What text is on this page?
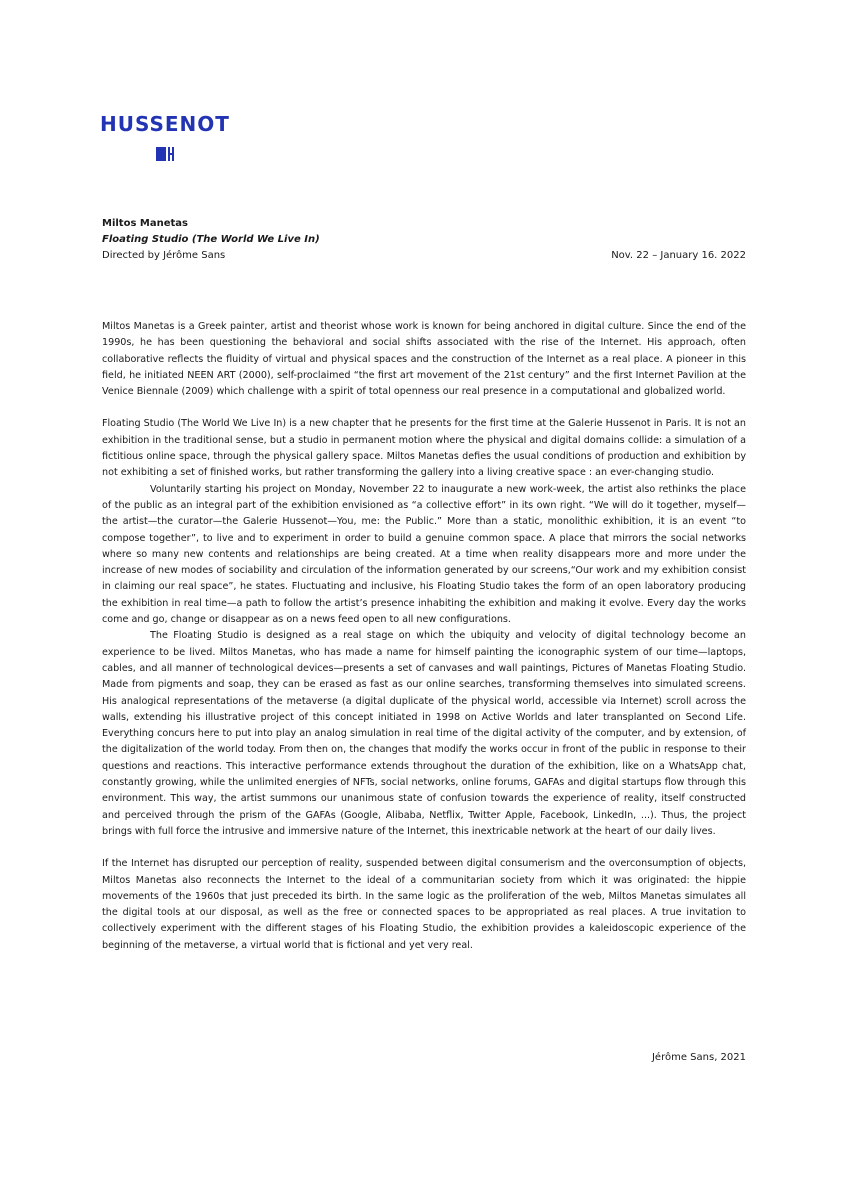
HUSSENOT

Miltos Manetas

Floating Studio (The World We Live In)

Directed by Jérôme Sans	Nov. 22 – January 16. 2022

Miltos Manetas is a Greek painter, artist and theorist whose work is known for being anchored in digital culture. Since the end of the 1990s, he has been questioning the behavioral and social shifts associated with the rise of the Internet. His approach, often collaborative reflects the fluidity of virtual and physical spaces and the construction of the Internet as a real place. A pioneer in this field, he initiated NEEN ART (2000), self-proclaimed “the first art movement of the 21st century” and the first Internet Pavilion at the Venice Biennale (2009) which challenge with a spirit of total openness our real presence in a computational and globalized world.

Floating Studio (The World We Live In) is a new chapter that he presents for the first time at the Galerie Hussenot in Paris. It is not an exhibition in the traditional sense, but a studio in permanent motion where the physical and digital domains collide: a simulation of a fictitious online space, through the physical gallery space. Miltos Manetas defies the usual conditions of production and exhibition by not exhibiting a set of finished works, but rather transforming the gallery into a living creative space : an ever-changing studio.

Voluntarily starting his project on Monday, November 22 to inaugurate a new work-week, the artist also rethinks the place of the public as an integral part of the exhibition envisioned as “a collective effort” in its own right. “We will do it together, myself—the artist—the curator—the Galerie Hussenot—You, me: the Public.” More than a static, monolithic exhibition, it is an event “to compose together”, to live and to experiment in order to build a genuine common space. A place that mirrors the social networks where so many new contents and relationships are being created. At a time when reality disappears more and more under the increase of new modes of sociability and circulation of the information generated by our screens,“Our work and my exhibition consist in claiming our real space”, he states. Fluctuating and inclusive, his Floating Studio takes the form of an open laboratory producing the exhibition in real time—a path to follow the artist’s presence inhabiting the exhibition and making it evolve. Every day the works come and go, change or disappear as on a news feed open to all new configurations.

The Floating Studio is designed as a real stage on which the ubiquity and velocity of digital technology become an experience to be lived. Miltos Manetas, who has made a name for himself painting the iconographic system of our time—laptops, cables, and all manner of technological devices—presents a set of canvases and wall paintings, Pictures of Manetas Floating Studio. Made from pigments and soap, they can be erased as fast as our online searches, transforming themselves into simulated screens. His analogical representations of the metaverse (a digital duplicate of the physical world, accessible via Internet) scroll across the walls, extending his illustrative project of this concept initiated in 1998 on Active Worlds and later transplanted on Second Life. Everything concurs here to put into play an analog simulation in real time of the digital activity of the computer, and by extension, of the digitalization of the world today. From then on, the changes that modify the works occur in front of the public in response to their questions and reactions. This interactive performance extends throughout the duration of the exhibition, like on a WhatsApp chat, constantly growing, while the unlimited energies of NFTs, social networks, online forums, GAFAs and digital startups flow through this environment. This way, the artist summons our unanimous state of confusion towards the experience of reality, itself constructed and perceived through the prism of the GAFAs (Google, Alibaba, Netflix, Twitter Apple, Facebook, LinkedIn, ...). Thus, the project brings with full force the intrusive and immersive nature of the Internet, this inextricable network at the heart of our daily lives.

If the Internet has disrupted our perception of reality, suspended between digital consumerism and the overconsumption of objects, Miltos Manetas also reconnects the Internet to the ideal of a communitarian society from which it was originated: the hippie movements of the 1960s that just preceded its birth. In the same logic as the proliferation of the web, Miltos Manetas simulates all the digital tools at our disposal, as well as the free or connected spaces to be appropriated as real places. A true invitation to collectively experiment with the different stages of his Floating Studio, the exhibition provides a kaleidoscopic experience of the beginning of the metaverse, a virtual world that is fictional and yet very real.

Jérôme Sans, 2021
